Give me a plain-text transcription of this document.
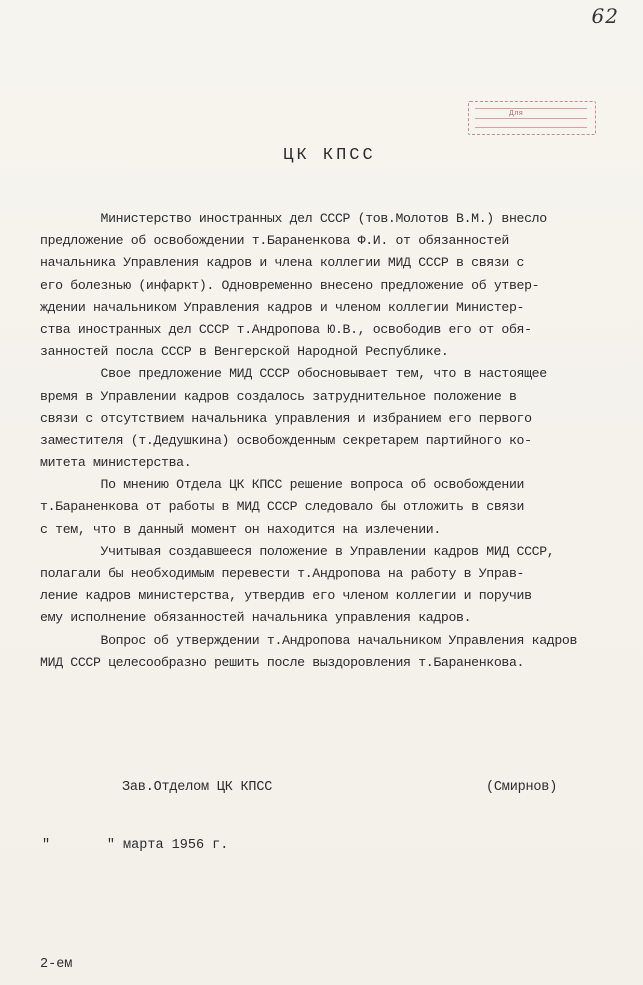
62
Для
ЦК КПСС
Министерство иностранных дел СССР (тов.Молотов В.М.) внесло
предложение об освобождении т.Бараненкова Ф.И. от обязанностей
начальника Управления кадров и члена коллегии МИД СССР в связи с
его болезнью (инфаркт). Одновременно внесено предложение об утвер-
ждении начальником Управления кадров и членом коллегии Министер-
ства иностранных дел СССР т.Андропова Ю.В., освободив его от обя-
занностей посла СССР в Венгерской Народной Республике.
Свое предложение МИД СССР обосновывает тем, что в настоящее
время в Управлении кадров создалось затруднительное положение в
связи с отсутствием начальника управления и избранием его первого
заместителя (т.Дедушкина) освобожденным секретарем партийного ко-
митета министерства.
По мнению Отдела ЦК КПСС решение вопроса об освобождении
т.Бараненкова от работы в МИД СССР следовало бы отложить в связи
с тем, что в данный момент он находится на излечении.
Учитывая создавшееся положение в Управлении кадров МИД СССР,
полагали бы необходимым перевести т.Андропова на работу в Управ-
ление кадров министерства, утвердив его членом коллегии и поручив
ему исполнение обязанностей начальника управления кадров.
Вопрос об утверждении т.Андропова начальником Управления кадров
МИД СССР целесообразно решить после выздоровления т.Бараненкова.
Зав.Отделом ЦК КПСС	(Смирнов)
"	" марта 1956 г.
2-ем
